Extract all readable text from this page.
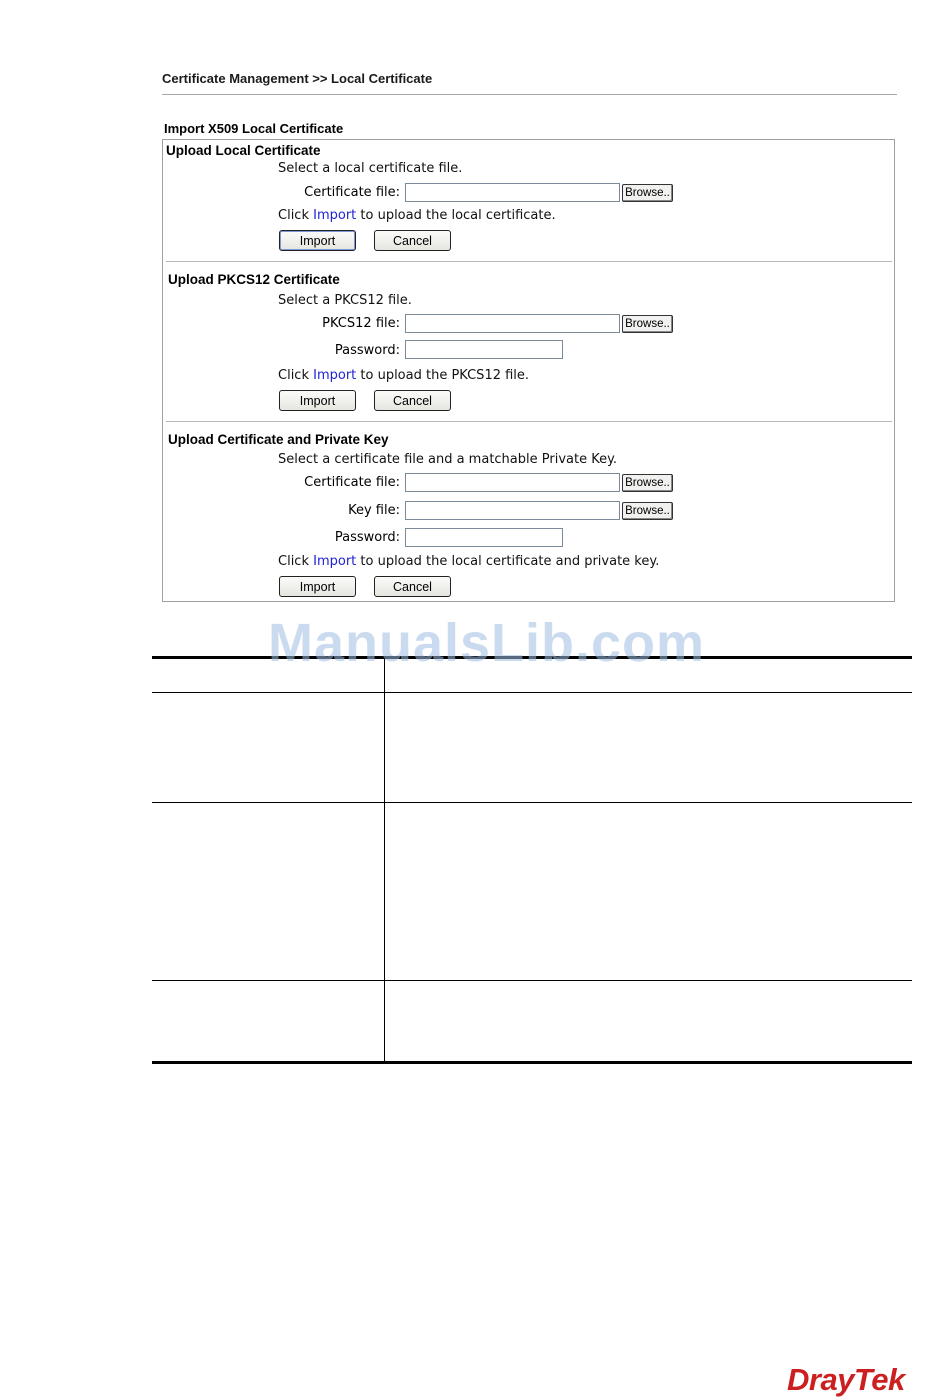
Certificate Management >> Local Certificate
Import X509 Local Certificate
Upload Local Certificate
Select a local certificate file.
Certificate file:	Browse..
Click Import to upload the local certificate.
Import	Cancel
Upload PKCS12 Certificate
Select a PKCS12 file.
PKCS12 file:	Browse..
Password:
Click Import to upload the PKCS12 file.
Import	Cancel
Upload Certificate and Private Key
Select a certificate file and a matchable Private Key.
Certificate file:	Browse..
Key file:	Browse..
Password:
Click Import to upload the local certificate and private key.
Import	Cancel
ManualsLib.com
DrayTek
